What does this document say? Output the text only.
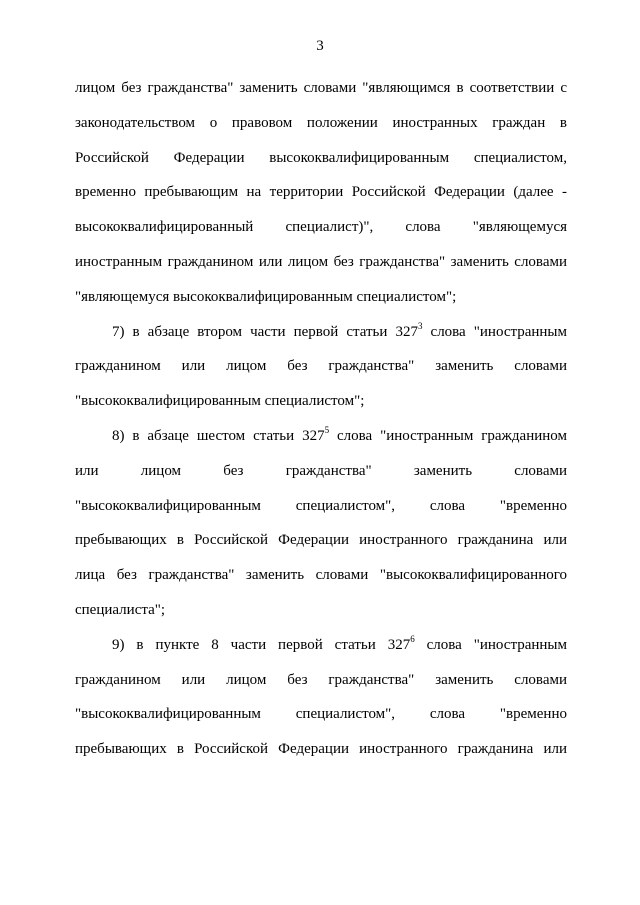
3
лицом без гражданства" заменить словами "являющимся в соответствии с
законодательством о правовом положении иностранных граждан в
Российской Федерации высококвалифицированным специалистом,
временно пребывающим на территории Российской Федерации (далее -
высококвалифицированный специалист)", слова "являющемуся
иностранным гражданином или лицом без гражданства" заменить словами
"являющемуся высококвалифицированным специалистом";
7) в абзаце втором части первой статьи $327^3$ слова "иностранным
гражданином или лицом без гражданства" заменить словами
"высококвалифицированным специалистом";
8) в абзаце шестом статьи $327^5$ слова "иностранным гражданином
или лицом без гражданства" заменить словами
"высококвалифицированным специалистом", слова "временно
пребывающих в Российской Федерации иностранного гражданина или
лица без гражданства" заменить словами "высококвалифицированного
специалиста";
9) в пункте 8 части первой статьи $327^6$ слова "иностранным
гражданином или лицом без гражданства" заменить словами
"высококвалифицированным специалистом", слова "временно
пребывающих в Российской Федерации иностранного гражданина или
